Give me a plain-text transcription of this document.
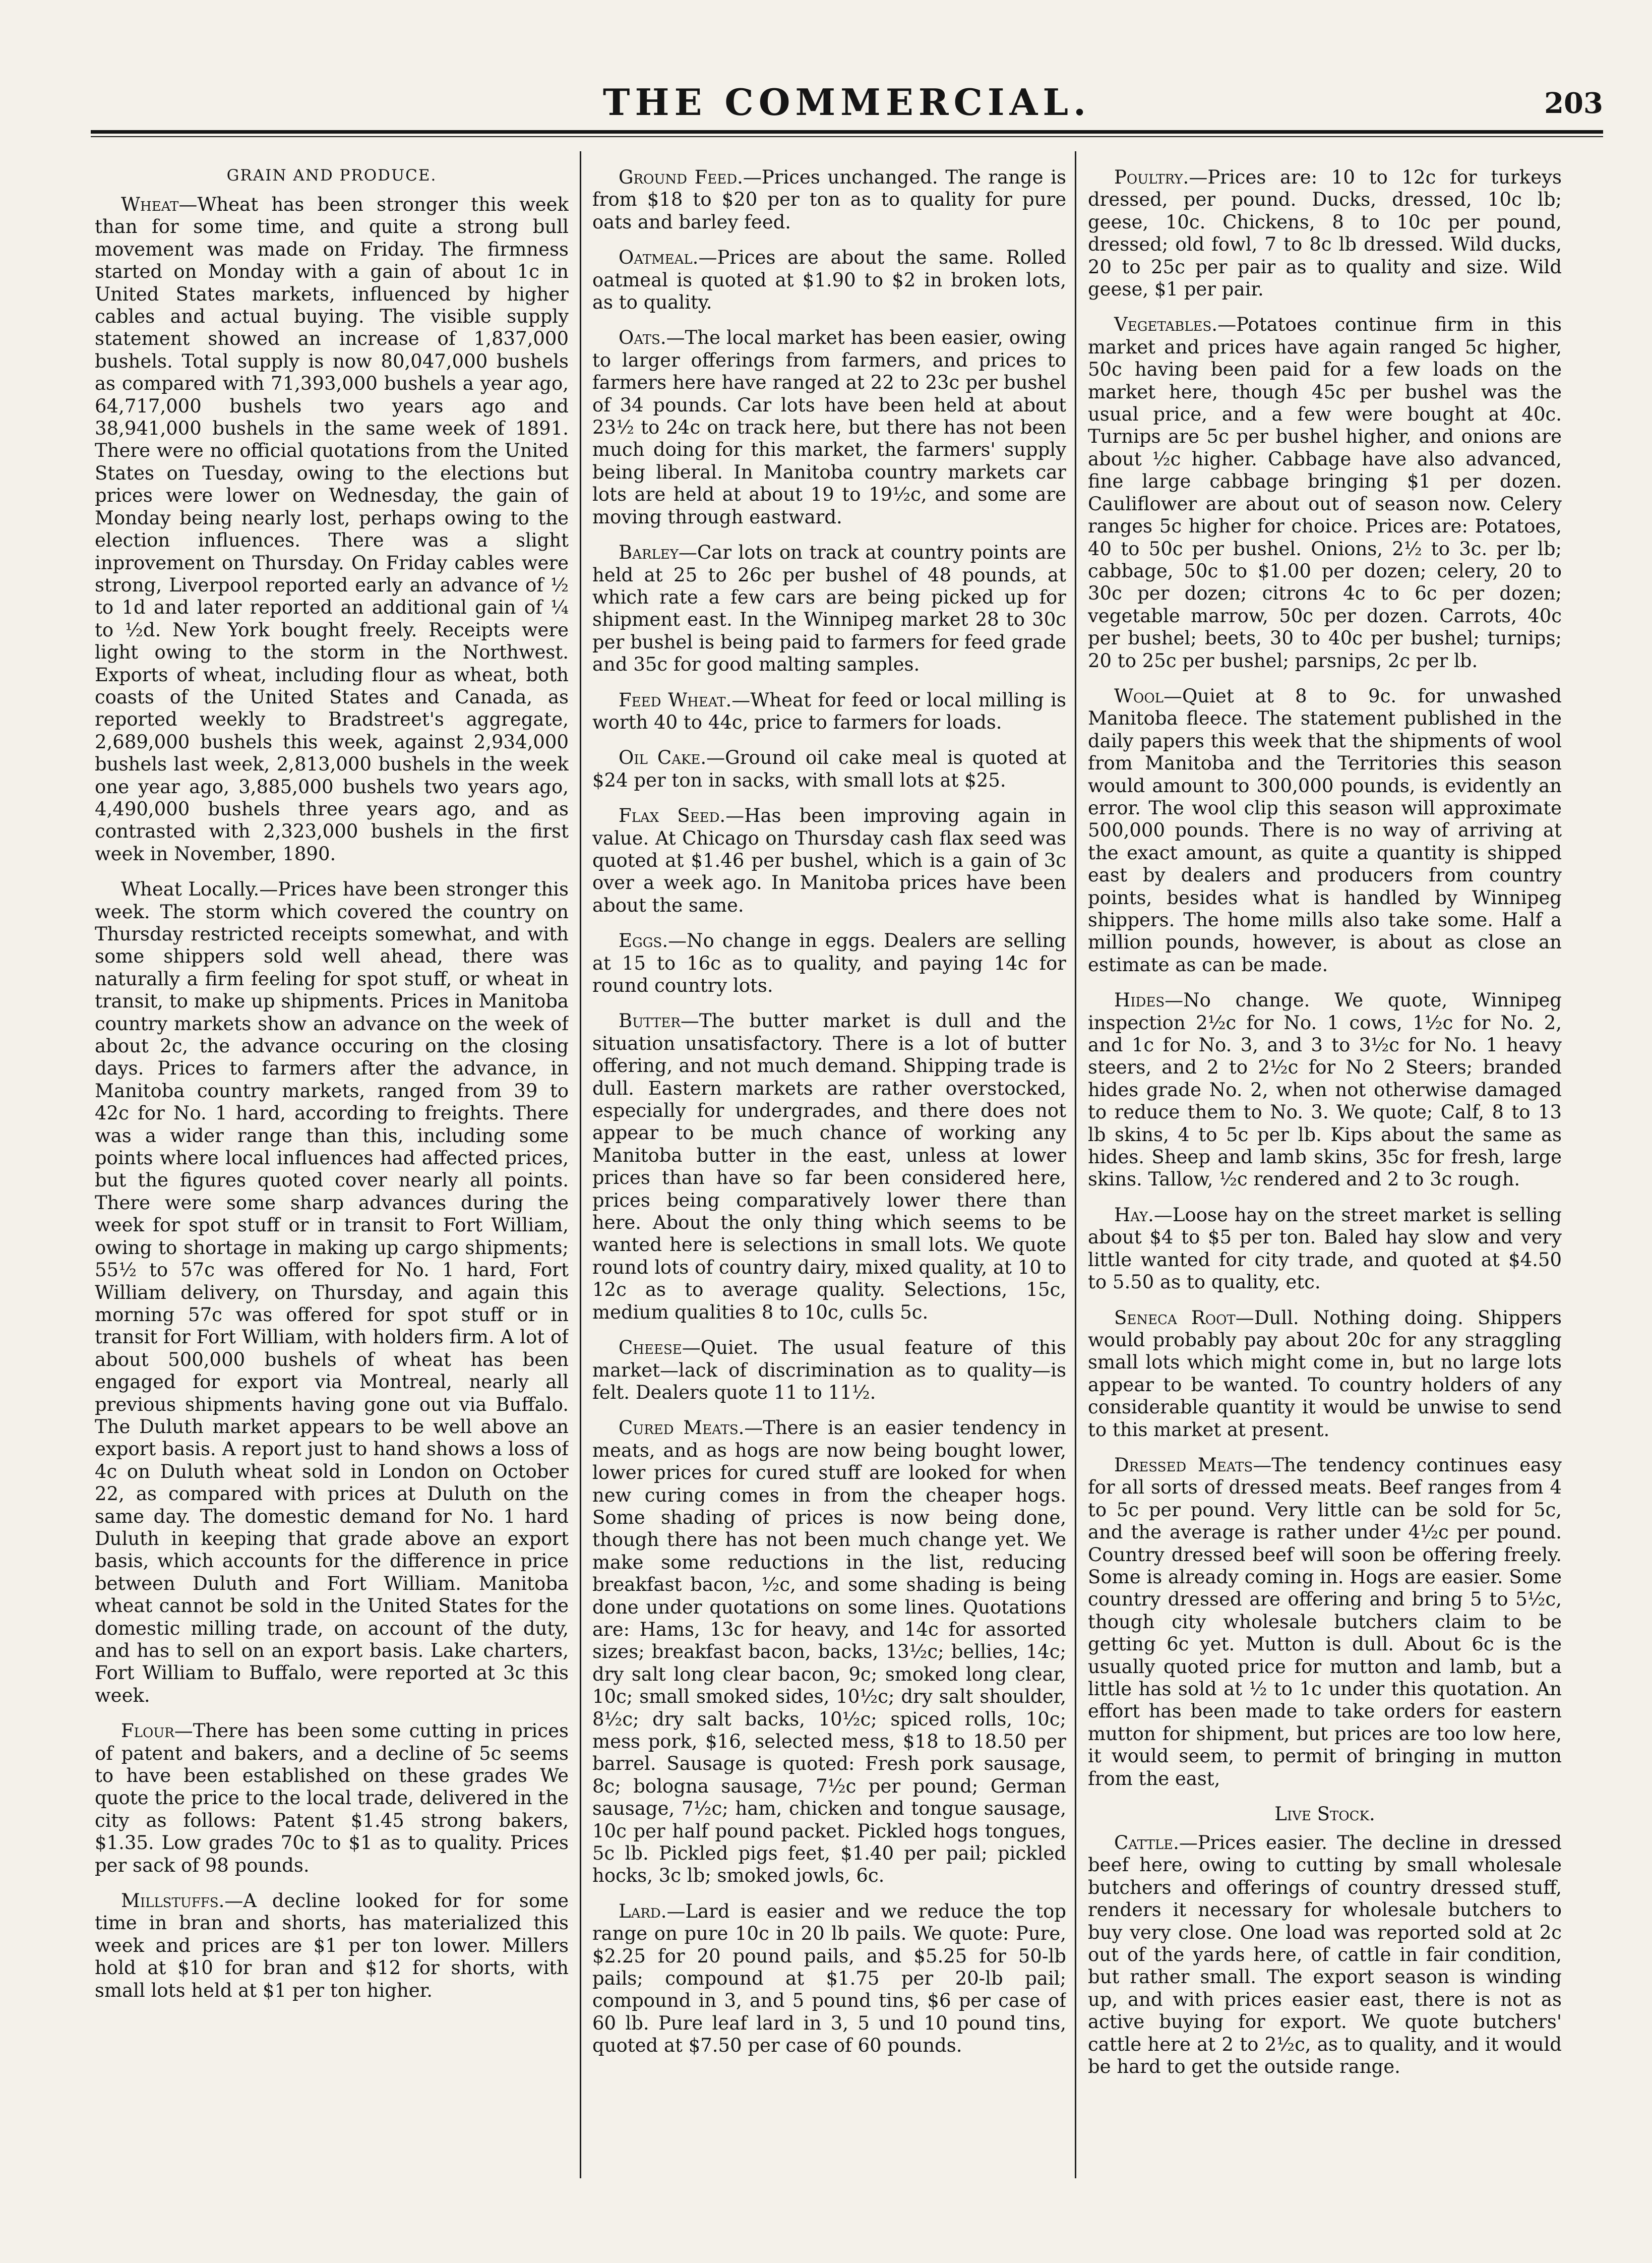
THE COMMERCIAL.	203
GRAIN AND PRODUCE.

Wheat—Wheat has been stronger this week than for some time, and quite a strong bull movement was made on Friday. The firmness started on Monday with a gain of about 1c in United States markets, influenced by higher cables and actual buying. The visible supply statement showed an increase of 1,837,000 bushels. Total supply is now 80,047,000 bushels as compared with 71,393,000 bushels a year ago, 64,717,000 bushels two years ago and 38,941,000 bushels in the same week of 1891. There were no official quotations from the United States on Tuesday, owing to the elections but prices were lower on Wednesday, the gain of Monday being nearly lost, perhaps owing to the election influences. There was a slight inprovement on Thursday. On Friday cables were strong, Liverpool reported early an advance of ½ to 1d and later reported an additional gain of ¼ to ½d. New York bought freely. Receipts were light owing to the storm in the Northwest. Exports of wheat, including flour as wheat, both coasts of the United States and Canada, as reported weekly to Bradstreet's aggregate, 2,689,000 bushels this week, against 2,934,000 bushels last week, 2,813,000 bushels in the week one year ago, 3,885,000 bushels two years ago, 4,490,000 bushels three years ago, and as contrasted with 2,323,000 bushels in the first week in November, 1890.

Wheat Locally.—Prices have been stronger this week. The storm which covered the country on Thursday restricted receipts somewhat, and with some shippers sold well ahead, there was naturally a firm feeling for spot stuff, or wheat in transit, to make up shipments. Prices in Manitoba country markets show an advance on the week of about 2c, the advance occuring on the closing days. Prices to farmers after the advance, in Manitoba country markets, ranged from 39 to 42c for No. 1 hard, according to freights. There was a wider range than this, including some points where local influences had affected prices, but the figures quoted cover nearly all points. There were some sharp advances during the week for spot stuff or in transit to Fort William, owing to shortage in making up cargo shipments; 55½ to 57c was offered for No. 1 hard, Fort William delivery, on Thursday, and again this morning 57c was offered for spot stuff or in transit for Fort William, with holders firm. A lot of about 500,000 bushels of wheat has been engaged for export via Montreal, nearly all previous shipments having gone out via Buffalo. The Duluth market appears to be well above an export basis. A report just to hand shows a loss of 4c on Duluth wheat sold in London on October 22, as compared with prices at Duluth on the same day. The domestic demand for No. 1 hard Duluth in keeping that grade above an export basis, which accounts for the difference in price between Duluth and Fort William. Manitoba wheat cannot be sold in the United States for the domestic milling trade, on account of the duty, and has to sell on an export basis. Lake charters, Fort William to Buffalo, were reported at 3c this week.

Flour—There has been some cutting in prices of patent and bakers, and a decline of 5c seems to have been established on these grades We quote the price to the local trade, delivered in the city as follows: Patent $1.45 strong bakers, $1.35. Low grades 70c to $1 as to quality. Prices per sack of 98 pounds.

Millstuffs.—A decline looked for for some time in bran and shorts, has materialized this week and prices are $1 per ton lower. Millers hold at $10 for bran and $12 for shorts, with small lots held at $1 per ton higher.

Ground Feed.—Prices unchanged. The range is from $18 to $20 per ton as to quality for pure oats and barley feed.

Oatmeal.—Prices are about the same. Rolled oatmeal is quoted at $1.90 to $2 in broken lots, as to quality.

Oats.—The local market has been easier, owing to larger offerings from farmers, and prices to farmers here have ranged at 22 to 23c per bushel of 34 pounds. Car lots have been held at about 23½ to 24c on track here, but there has not been much doing for this market, the farmers' supply being liberal. In Manitoba country markets car lots are held at about 19 to 19½c, and some are moving through eastward.

Barley—Car lots on track at country points are held at 25 to 26c per bushel of 48 pounds, at which rate a few cars are being picked up for shipment east. In the Winnipeg market 28 to 30c per bushel is being paid to farmers for feed grade and 35c for good malting samples.

Feed Wheat.—Wheat for feed or local milling is worth 40 to 44c, price to farmers for loads.

Oil Cake.—Ground oil cake meal is quoted at $24 per ton in sacks, with small lots at $25.

Flax Seed.—Has been improving again in value. At Chicago on Thursday cash flax seed was quoted at $1.46 per bushel, which is a gain of 3c over a week ago. In Manitoba prices have been about the same.

Eggs.—No change in eggs. Dealers are selling at 15 to 16c as to quality, and paying 14c for round country lots.

Butter—The butter market is dull and the situation unsatisfactory. There is a lot of butter offering, and not much demand. Shipping trade is dull. Eastern markets are rather overstocked, especially for undergrades, and there does not appear to be much chance of working any Manitoba butter in the east, unless at lower prices than have so far been considered here, prices being comparatively lower there than here. About the only thing which seems to be wanted here is selections in small lots. We quote round lots of country dairy, mixed quality, at 10 to 12c as to average quality. Selections, 15c, medium qualities 8 to 10c, culls 5c.

Cheese—Quiet. The usual feature of this market—lack of discrimination as to quality—is felt. Dealers quote 11 to 11½.

Cured Meats.—There is an easier tendency in meats, and as hogs are now being bought lower, lower prices for cured stuff are looked for when new curing comes in from the cheaper hogs. Some shading of prices is now being done, though there has not been much change yet. We make some reductions in the list, reducing breakfast bacon, ½c, and some shading is being done under quotations on some lines. Quotations are: Hams, 13c for heavy, and 14c for assorted sizes; breakfast bacon, backs, 13½c; bellies, 14c; dry salt long clear bacon, 9c; smoked long clear, 10c; small smoked sides, 10½c; dry salt shoulder, 8½c; dry salt backs, 10½c; spiced rolls, 10c; mess pork, $16, selected mess, $18 to 18.50 per barrel. Sausage is quoted: Fresh pork sausage, 8c; bologna sausage, 7½c per pound; German sausage, 7½c; ham, chicken and tongue sausage, 10c per half pound packet. Pickled hogs tongues, 5c lb. Pickled pigs feet, $1.40 per pail; pickled hocks, 3c lb; smoked jowls, 6c.

Lard.—Lard is easier and we reduce the top range on pure 10c in 20 lb pails. We quote: Pure, $2.25 for 20 pound pails, and $5.25 for 50-lb pails; compound at $1.75 per 20-lb pail; compound in 3, and 5 pound tins, $6 per case of 60 lb. Pure leaf lard in 3, 5 und 10 pound tins, quoted at $7.50 per case of 60 pounds.

Poultry.—Prices are: 10 to 12c for turkeys dressed, per pound. Ducks, dressed, 10c lb; geese, 10c. Chickens, 8 to 10c per pound, dressed; old fowl, 7 to 8c lb dressed. Wild ducks, 20 to 25c per pair as to quality and size. Wild geese, $1 per pair.

Vegetables.—Potatoes continue firm in this market and prices have again ranged 5c higher, 50c having been paid for a few loads on the market here, though 45c per bushel was the usual price, and a few were bought at 40c. Turnips are 5c per bushel higher, and onions are about ½c higher. Cabbage have also advanced, fine large cabbage bringing $1 per dozen. Cauliflower are about out of season now. Celery ranges 5c higher for choice. Prices are: Potatoes, 40 to 50c per bushel. Onions, 2½ to 3c. per lb; cabbage, 50c to $1.00 per dozen; celery, 20 to 30c per dozen; citrons 4c to 6c per dozen; vegetable marrow, 50c per dozen. Carrots, 40c per bushel; beets, 30 to 40c per bushel; turnips; 20 to 25c per bushel; parsnips, 2c per lb.

Wool—Quiet at 8 to 9c. for unwashed Manitoba fleece. The statement published in the daily papers this week that the shipments of wool from Manitoba and the Territories this season would amount to 300,000 pounds, is evidently an error. The wool clip this season will approximate 500,000 pounds. There is no way of arriving at the exact amount, as quite a quantity is shipped east by dealers and producers from country points, besides what is handled by Winnipeg shippers. The home mills also take some. Half a million pounds, however, is about as close an estimate as can be made.

Hides—No change. We quote, Winnipeg inspection 2½c for No. 1 cows, 1½c for No. 2, and 1c for No. 3, and 3 to 3½c for No. 1 heavy steers, and 2 to 2½c for No 2 Steers; branded hides grade No. 2, when not otherwise damaged to reduce them to No. 3. We quote; Calf, 8 to 13 lb skins, 4 to 5c per lb. Kips about the same as hides. Sheep and lamb skins, 35c for fresh, large skins. Tallow, ½c rendered and 2 to 3c rough.

Hay.—Loose hay on the street market is selling about $4 to $5 per ton. Baled hay slow and very little wanted for city trade, and quoted at $4.50 to 5.50 as to quality, etc.

Seneca Root—Dull. Nothing doing. Shippers would probably pay about 20c for any straggling small lots which might come in, but no large lots appear to be wanted. To country holders of any considerable quantity it would be unwise to send to this market at present.

Dressed Meats—The tendency continues easy for all sorts of dressed meats. Beef ranges from 4 to 5c per pound. Very little can be sold for 5c, and the average is rather under 4½c per pound. Country dressed beef will soon be offering freely. Some is already coming in. Hogs are easier. Some country dressed are offering and bring 5 to 5½c, though city wholesale butchers claim to be getting 6c yet. Mutton is dull. About 6c is the usually quoted price for mutton and lamb, but a little has sold at ½ to 1c under this quotation. An effort has been made to take orders for eastern mutton for shipment, but prices are too low here, it would seem, to permit of bringing in mutton from the east,

Live Stock.

Cattle.—Prices easier. The decline in dressed beef here, owing to cutting by small wholesale butchers and offerings of country dressed stuff, renders it necessary for wholesale butchers to buy very close. One load was reported sold at 2c out of the yards here, of cattle in fair condition, but rather small. The export season is winding up, and with prices easier east, there is not as active buying for export. We quote butchers' cattle here at 2 to 2½c, as to quality, and it would be hard to get the outside range.
